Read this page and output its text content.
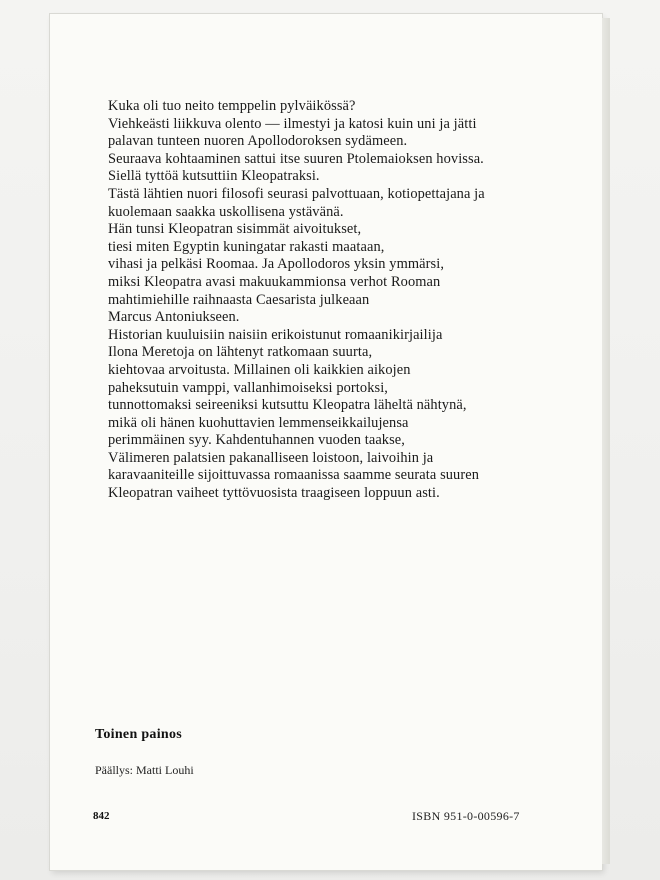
Kuka oli tuo neito temppelin pylväikössä?
Viehkeästi liikkuva olento — ilmestyi ja katosi kuin uni ja jätti
palavan tunteen nuoren Apollodoroksen sydämeen.
Seuraava kohtaaminen sattui itse suuren Ptolemaioksen hovissa.
Siellä tyttöä kutsuttiin Kleopatraksi.
Tästä lähtien nuori filosofi seurasi palvottuaan, kotiopettajana ja
kuolemaan saakka uskollisena ystävänä.
Hän tunsi Kleopatran sisimmät aivoitukset,
tiesi miten Egyptin kuningatar rakasti maataan,
vihasi ja pelkäsi Roomaa. Ja Apollodoros yksin ymmärsi,
miksi Kleopatra avasi makuukammionsa verhot Rooman
mahtimiehille raihnaasta Caesarista julkeaan
Marcus Antoniukseen.
Historian kuuluisiin naisiin erikoistunut romaanikirjailija
Ilona Meretoja on lähtenyt ratkomaan suurta,
kiehtovaa arvoitusta. Millainen oli kaikkien aikojen
paheksutuin vamppi, vallanhimoiseksi portoksi,
tunnottomaksi seireeniksi kutsuttu Kleopatra läheltä nähtynä,
mikä oli hänen kuohuttavien lemmenseikkailujensa
perimmäinen syy. Kahdentuhannen vuoden taakse,
Välimeren palatsien pakanalliseen loistoon, laivoihin ja
karavaaniteille sijoittuvassa romaanissa saamme seurata suuren
Kleopatran vaiheet tyttövuosista traagiseen loppuun asti.
Toinen painos
Päällys: Matti Louhi
842	ISBN 951-0-00596-7
